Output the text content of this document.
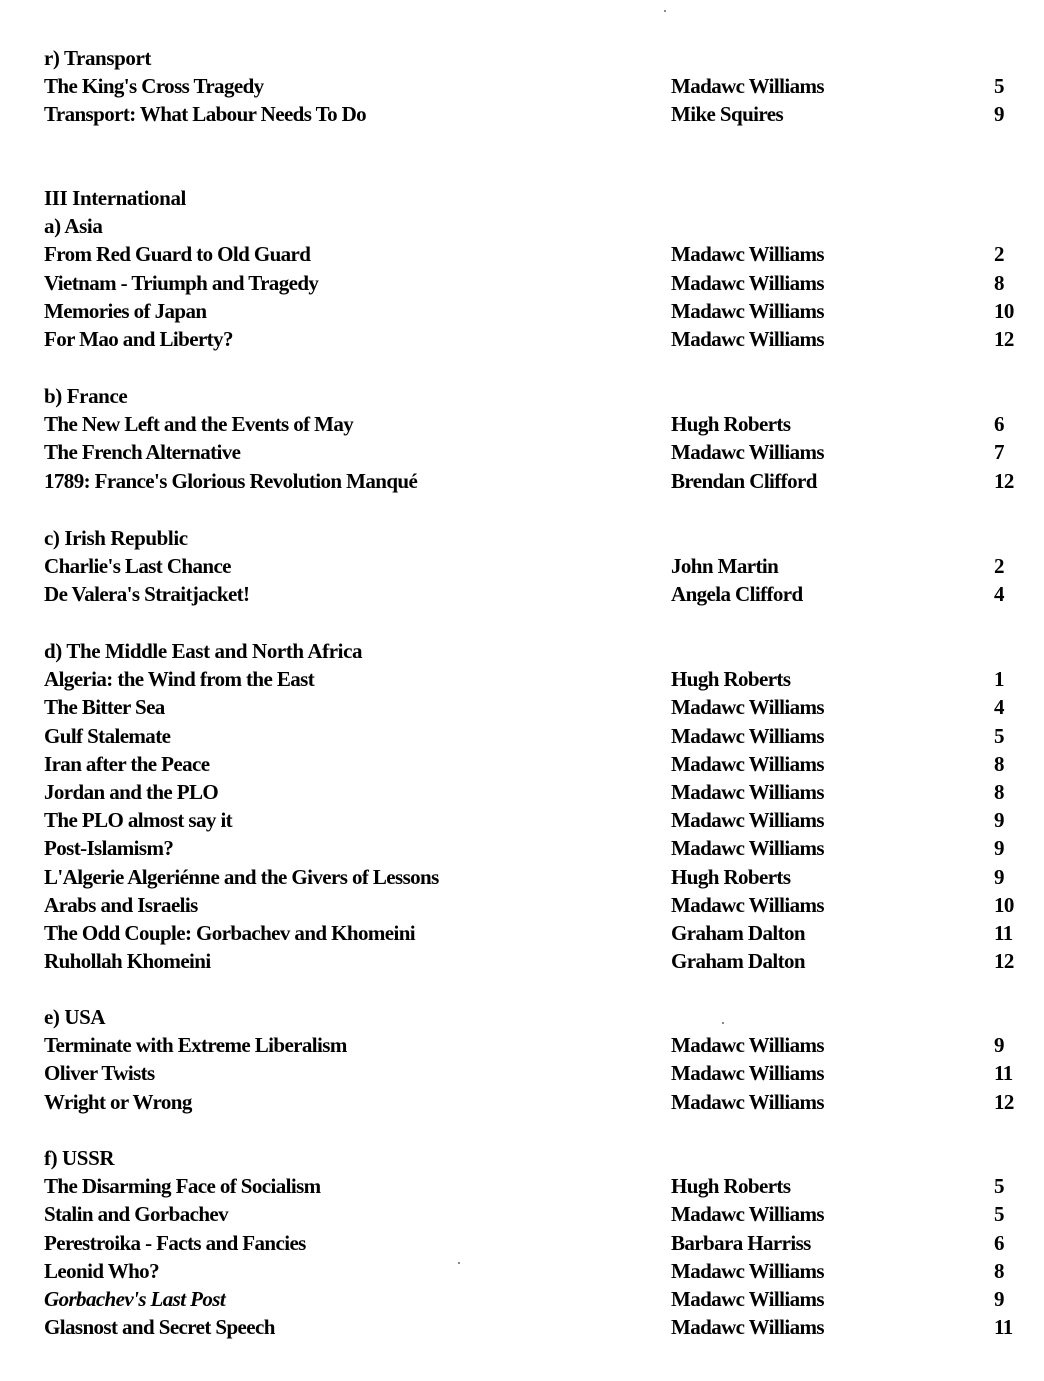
r) Transport
The King's Cross Tragedy	Madawc Williams	5
Transport: What Labour Needs To Do	Mike Squires	9
III International
a) Asia
From Red Guard to Old Guard	Madawc Williams	2
Vietnam - Triumph and Tragedy	Madawc Williams	8
Memories of Japan	Madawc Williams	10
For Mao and Liberty?	Madawc Williams	12
b) France
The New Left and the Events of May	Hugh Roberts	6
The French Alternative	Madawc Williams	7
1789: France's Glorious Revolution Manqué	Brendan Clifford	12
c) Irish Republic
Charlie's Last Chance	John Martin	2
De Valera's Straitjacket!	Angela Clifford	4
d) The Middle East and North Africa
Algeria: the Wind from the East	Hugh Roberts	1
The Bitter Sea	Madawc Williams	4
Gulf Stalemate	Madawc Williams	5
Iran after the Peace	Madawc Williams	8
Jordan and the PLO	Madawc Williams	8
The PLO almost say it	Madawc Williams	9
Post-Islamism?	Madawc Williams	9
L'Algerie Algeriénne and the Givers of Lessons	Hugh Roberts	9
Arabs and Israelis	Madawc Williams	10
The Odd Couple: Gorbachev and Khomeini	Graham Dalton	11
Ruhollah Khomeini	Graham Dalton	12
e) USA
Terminate with Extreme Liberalism	Madawc Williams	9
Oliver Twists	Madawc Williams	11
Wright or Wrong	Madawc Williams	12
f) USSR
The Disarming Face of Socialism	Hugh Roberts	5
Stalin and Gorbachev	Madawc Williams	5
Perestroika - Facts and Fancies	Barbara Harriss	6
Leonid Who?	Madawc Williams	8
Gorbachev's Last Post	Madawc Williams	9
Glasnost and Secret Speech	Madawc Williams	11
